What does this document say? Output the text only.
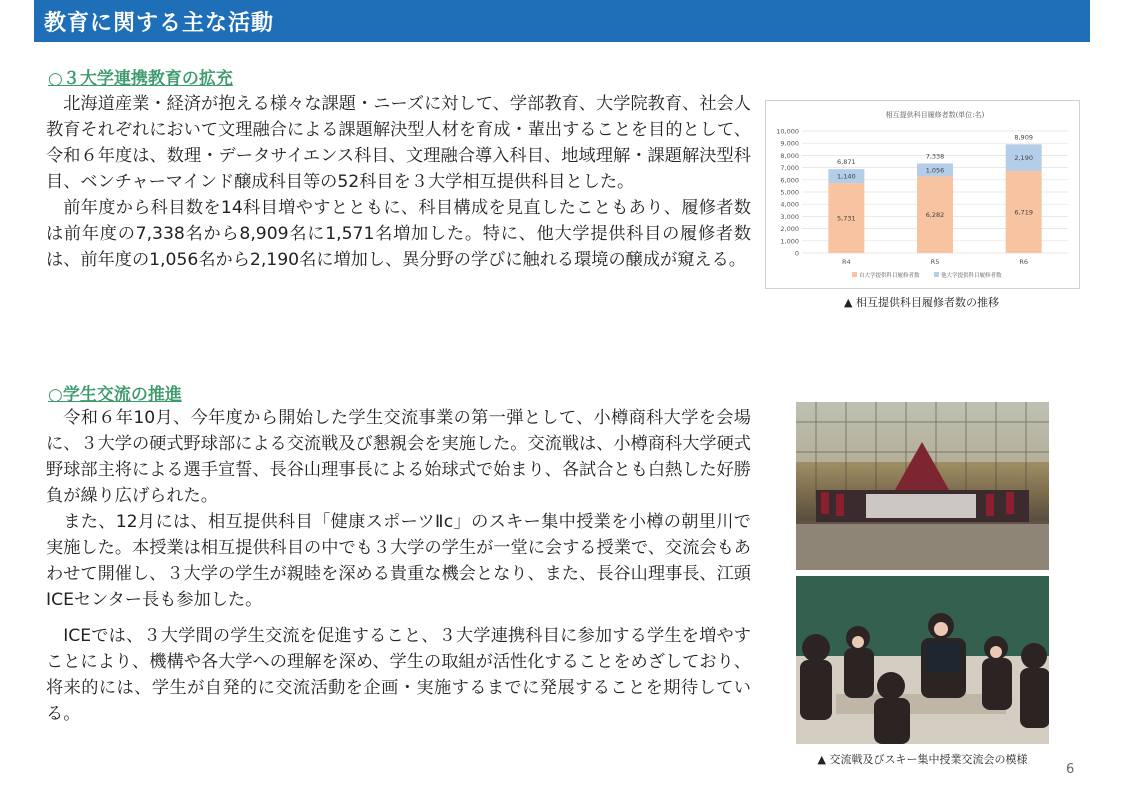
教育に関する主な活動
○３大学連携教育の拡充

北海道産業・経済が抱える様々な課題・ニーズに対して、学部教育、大学院教育、社会人教育それぞれにおいて文理融合による課題解決型人材を育成・輩出することを目的として、令和６年度は、数理・データサイエンス科目、文理融合導入科目、地域理解・課題解決型科目、ベンチャーマインド醸成科目等の52科目を３大学相互提供科目とした。

前年度から科目数を14科目増やすとともに、科目構成を見直したこともあり、履修者数は前年度の7,338名から8,909名に1,571名増加した。特に、他大学提供科目の履修者数は、前年度の1,056名から2,190名に増加し、異分野の学びに触れる環境の醸成が窺える。

相互提供科目履修者数(単位:名)
0
1,000
2,000
3,000
4,000
5,000
6,000
7,000
8,000
9,000
10,000
5,731
1,140
6,871
R4
6,282
1,056
7,338
R5
6,719
2,190
8,909
R6
自大学提供科目履修者数	他大学提供科目履修者数
▲ 相互提供科目履修者数の推移
○学生交流の推進

令和６年10月、今年度から開始した学生交流事業の第一弾として、小樽商科大学を会場に、３大学の硬式野球部による交流戦及び懇親会を実施した。交流戦は、小樽商科大学硬式野球部主将による選手宣誓、長谷山理事長による始球式で始まり、各試合とも白熱した好勝負が繰り広げられた。

また、12月には、相互提供科目「健康スポーツⅡc」のスキー集中授業を小樽の朝里川で実施した。本授業は相互提供科目の中でも３大学の学生が一堂に会する授業で、交流会もあわせて開催し、３大学の学生が親睦を深める貴重な機会となり、また、長谷山理事長、江頭ICEセンター長も参加した。

ICEでは、３大学間の学生交流を促進すること、３大学連携科目に参加する学生を増やすことにより、機構や各大学への理解を深め、学生の取組が活性化することをめざしており、将来的には、学生が自発的に交流活動を企画・実施するまでに発展することを期待している。

▲ 交流戦及びスキー集中授業交流会の模様
6
